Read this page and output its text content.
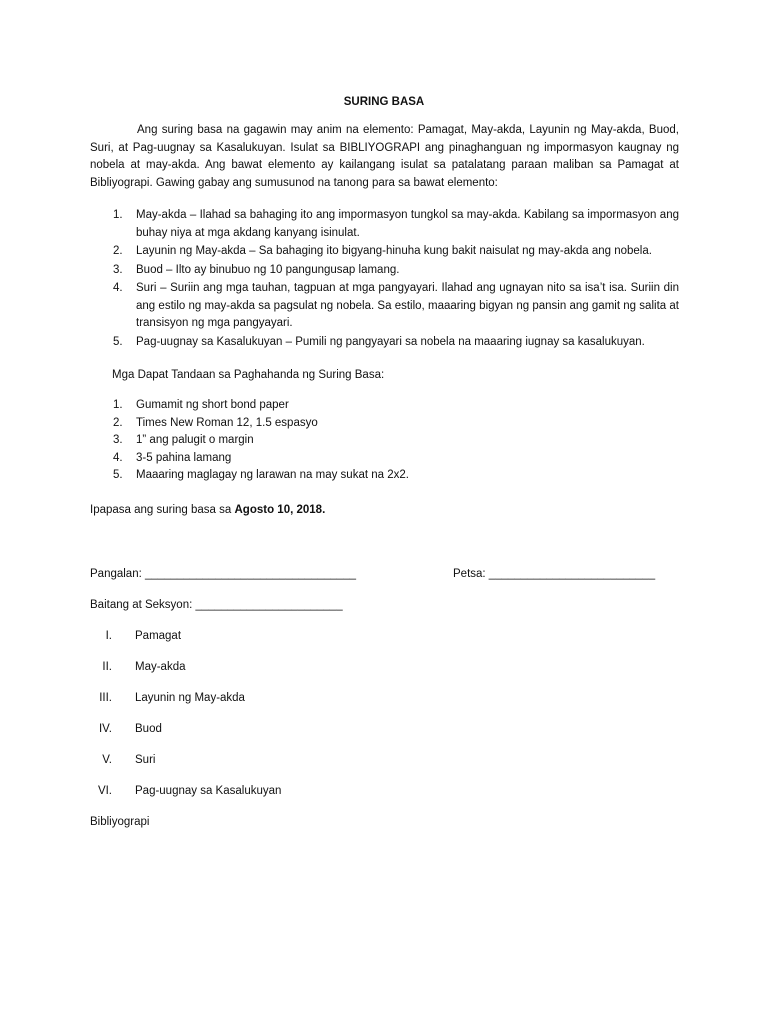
SURING BASA

Ang suring basa na gagawin may anim na elemento: Pamagat, May-akda, Layunin ng May-akda, Buod, Suri, at Pag-uugnay sa Kasalukuyan. Isulat sa BIBLIYOGRAPI ang pinaghanguan ng impormasyon kaugnay ng nobela at may-akda. Ang bawat elemento ay kailangang isulat sa patalatang paraan maliban sa Pamagat at Bibliyograpi. Gawing gabay ang sumusunod na tanong para sa bawat elemento:

1. May-akda – Ilahad sa bahaging ito ang impormasyon tungkol sa may-akda. Kabilang sa impormasyon ang buhay niya at mga akdang kanyang isinulat.
2. Layunin ng May-akda – Sa bahaging ito bigyang-hinuha kung bakit naisulat ng may-akda ang nobela.
3. Buod – Ilto ay binubuo ng 10 pangungusap lamang.
4. Suri – Suriin ang mga tauhan, tagpuan at mga pangyayari. Ilahad ang ugnayan nito sa isa’t isa. Suriin din ang estilo ng may-akda sa pagsulat ng nobela. Sa estilo, maaaring bigyan ng pansin ang gamit ng salita at transisyon ng mga pangyayari.
5. Pag-uugnay sa Kasalukuyan – Pumili ng pangyayari sa nobela na maaaring iugnay sa kasalukuyan.
Mga Dapat Tandaan sa Paghahanda ng Suring Basa:
1. Gumamit ng short bond paper
2. Times New Roman 12, 1.5 espasyo
3. 1” ang palugit o margin
4. 3-5 pahina lamang
5. Maaaring maglagay ng larawan na may sukat na 2x2.
Ipapasa ang suring basa sa Agosto 10, 2018.
Pangalan: _________________________________	Petsa: __________________________
Baitang at Seksyon: _______________________
I. Pamagat
II. May-akda
III. Layunin ng May-akda
IV. Buod
V. Suri
VI. Pag-uugnay sa Kasalukuyan
Bibliyograpi
